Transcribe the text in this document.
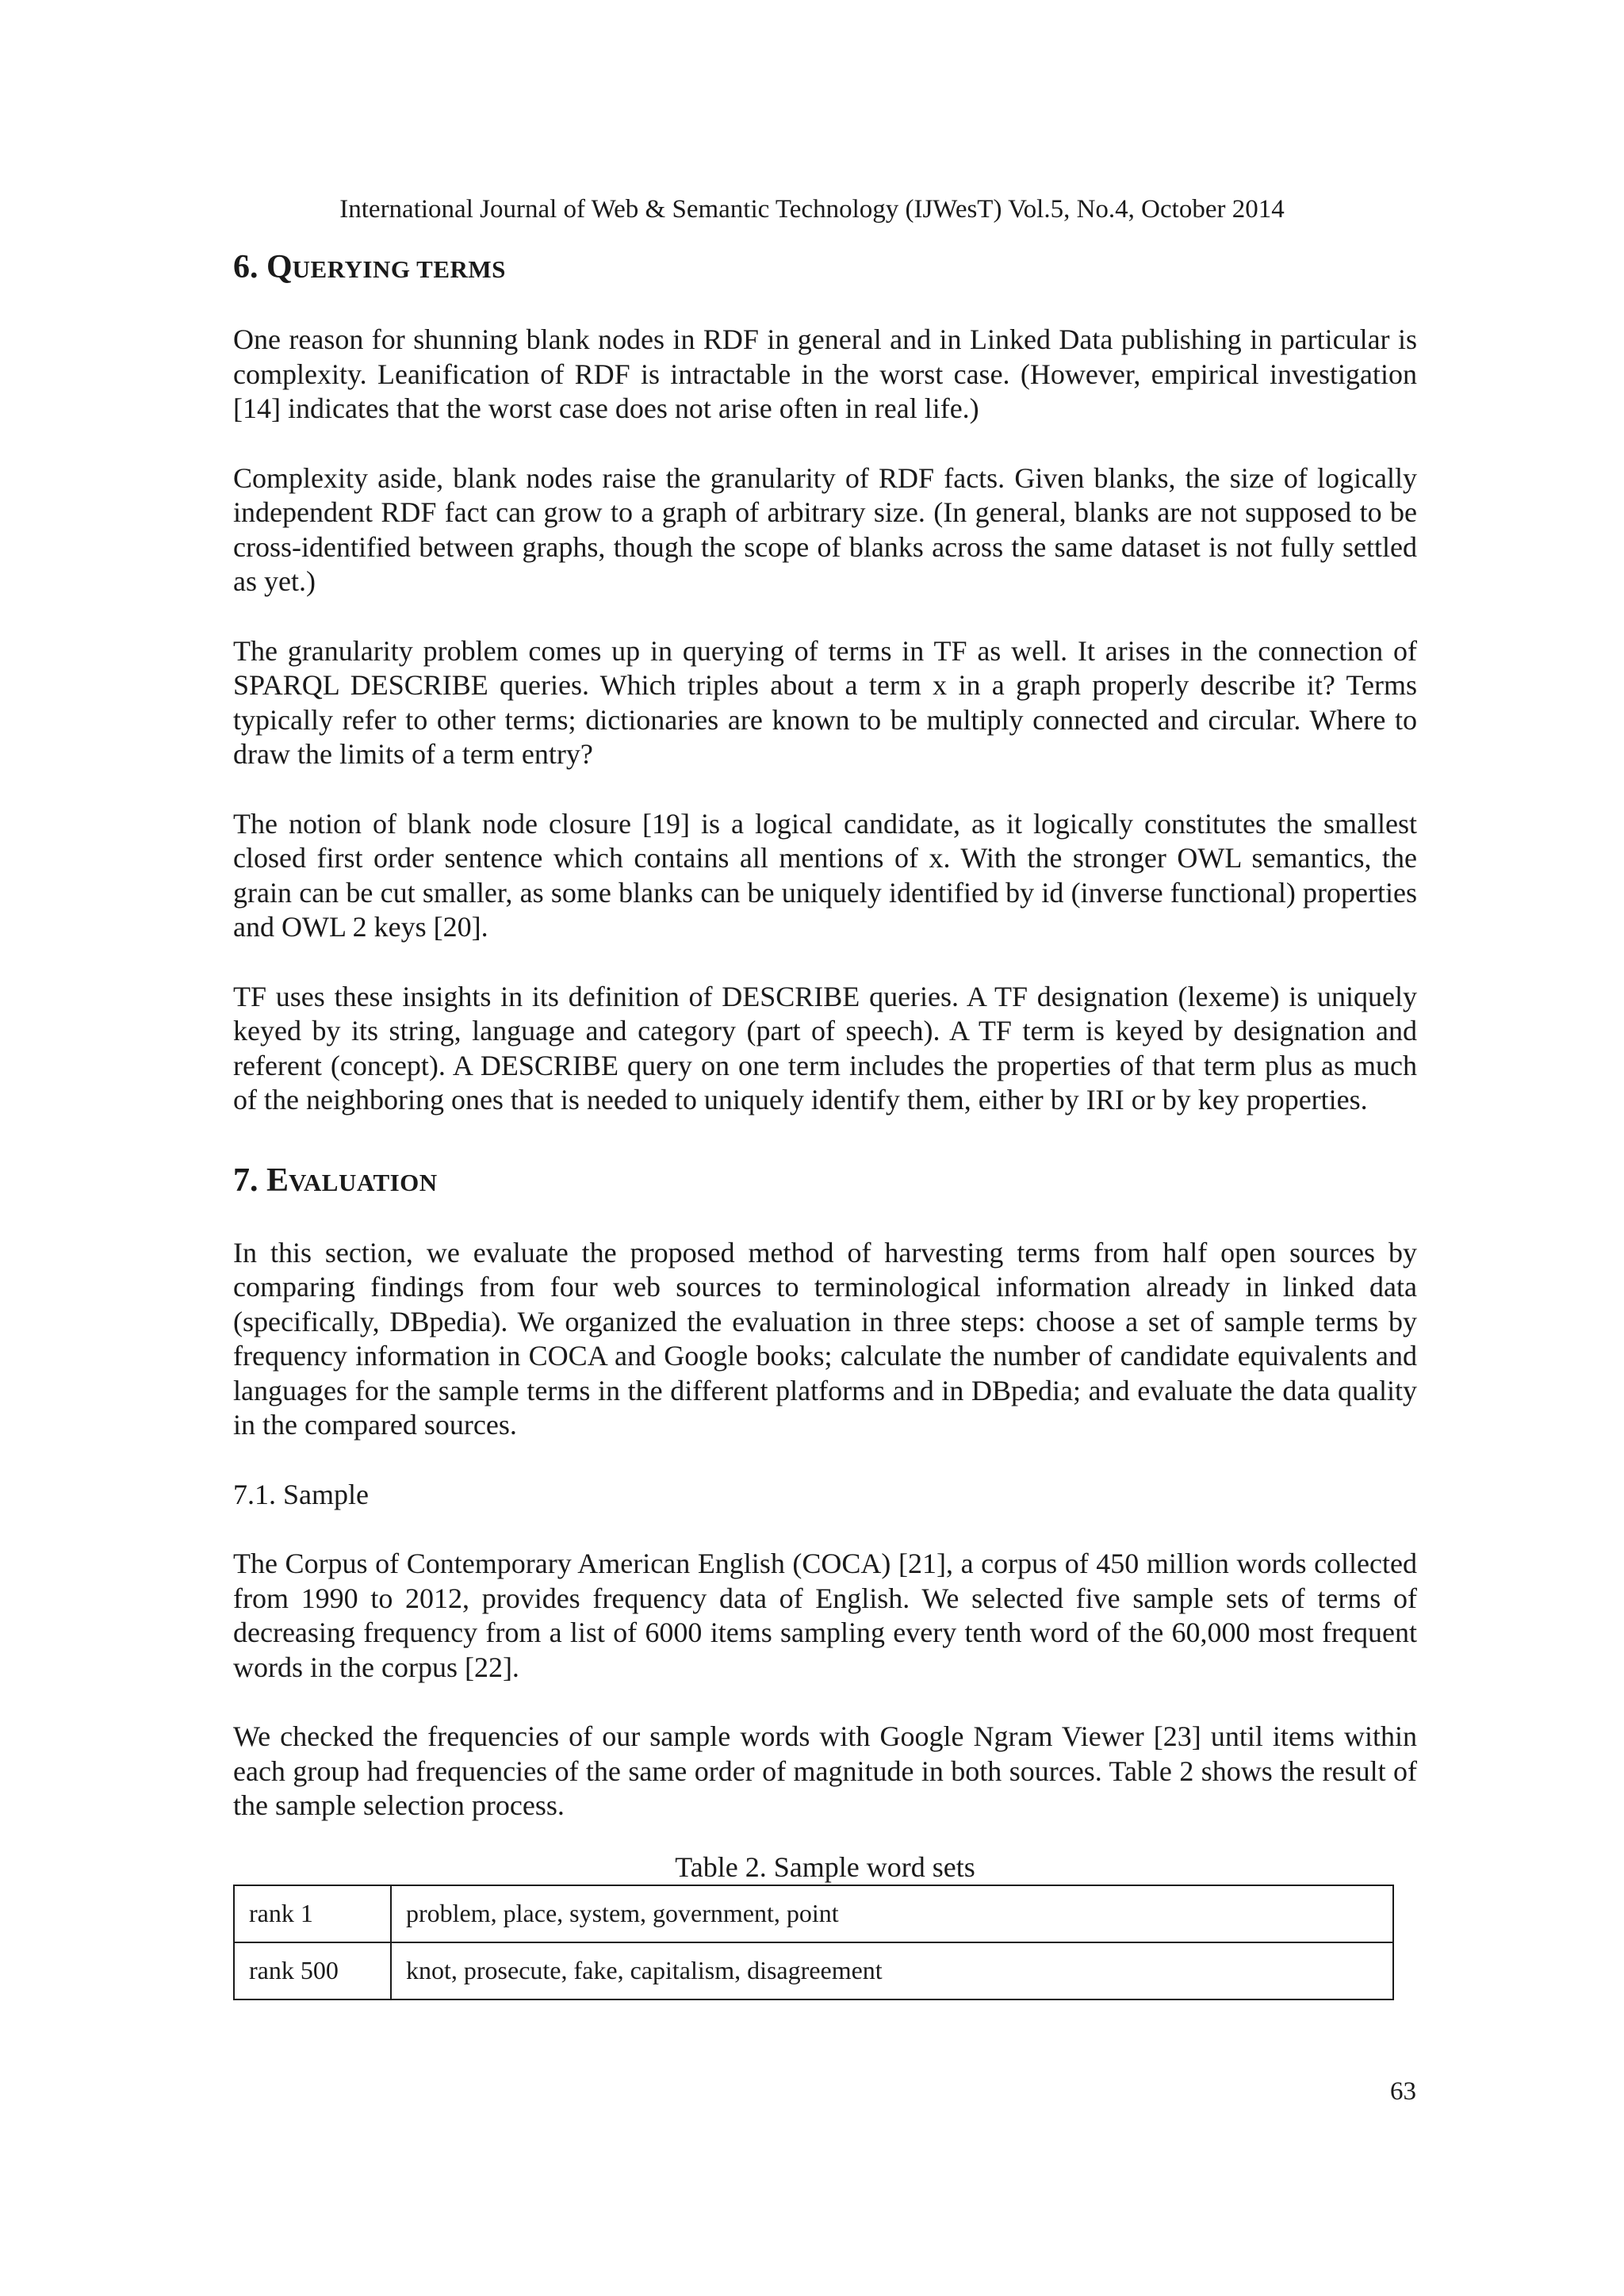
International Journal of Web & Semantic Technology (IJWesT) Vol.5, No.4, October 2014
6. QUERYING TERMS

One reason for shunning blank nodes in RDF in general and in Linked Data publishing in particular is complexity. Leanification of RDF is intractable in the worst case. (However, empirical investigation [14] indicates that the worst case does not arise often in real life.)

Complexity aside, blank nodes raise the granularity of RDF facts. Given blanks, the size of logically independent RDF fact can grow to a graph of arbitrary size. (In general, blanks are not supposed to be cross-identified between graphs, though the scope of blanks across the same dataset is not fully settled as yet.)

The granularity problem comes up in querying of terms in TF as well. It arises in the connection of SPARQL DESCRIBE queries. Which triples about a term x in a graph properly describe it? Terms typically refer to other terms; dictionaries are known to be multiply connected and circular. Where to draw the limits of a term entry?

The notion of blank node closure [19] is a logical candidate, as it logically constitutes the smallest closed first order sentence which contains all mentions of x. With the stronger OWL semantics, the grain can be cut smaller, as some blanks can be uniquely identified by id (inverse functional) properties and OWL 2 keys [20].

TF uses these insights in its definition of DESCRIBE queries. A TF designation (lexeme) is uniquely keyed by its string, language and category (part of speech). A TF term is keyed by designation and referent (concept). A DESCRIBE query on one term includes the properties of that term plus as much of the neighboring ones that is needed to uniquely identify them, either by IRI or by key properties.

7. EVALUATION

In this section, we evaluate the proposed method of harvesting terms from half open sources by comparing findings from four web sources to terminological information already in linked data (specifically, DBpedia). We organized the evaluation in three steps: choose a set of sample terms by frequency information in COCA and Google books; calculate the number of candidate equivalents and languages for the sample terms in the different platforms and in DBpedia; and evaluate the data quality in the compared sources.

7.1. Sample

The Corpus of Contemporary American English (COCA) [21], a corpus of 450 million words collected from 1990 to 2012, provides frequency data of English. We selected five sample sets of terms of decreasing frequency from a list of 6000 items sampling every tenth word of the 60,000 most frequent words in the corpus [22].

We checked the frequencies of our sample words with Google Ngram Viewer [23] until items within each group had frequencies of the same order of magnitude in both sources. Table 2 shows the result of the sample selection process.

Table 2. Sample word sets
rank 1	problem, place, system, government, point
rank 500	knot, prosecute, fake, capitalism, disagreement
63
